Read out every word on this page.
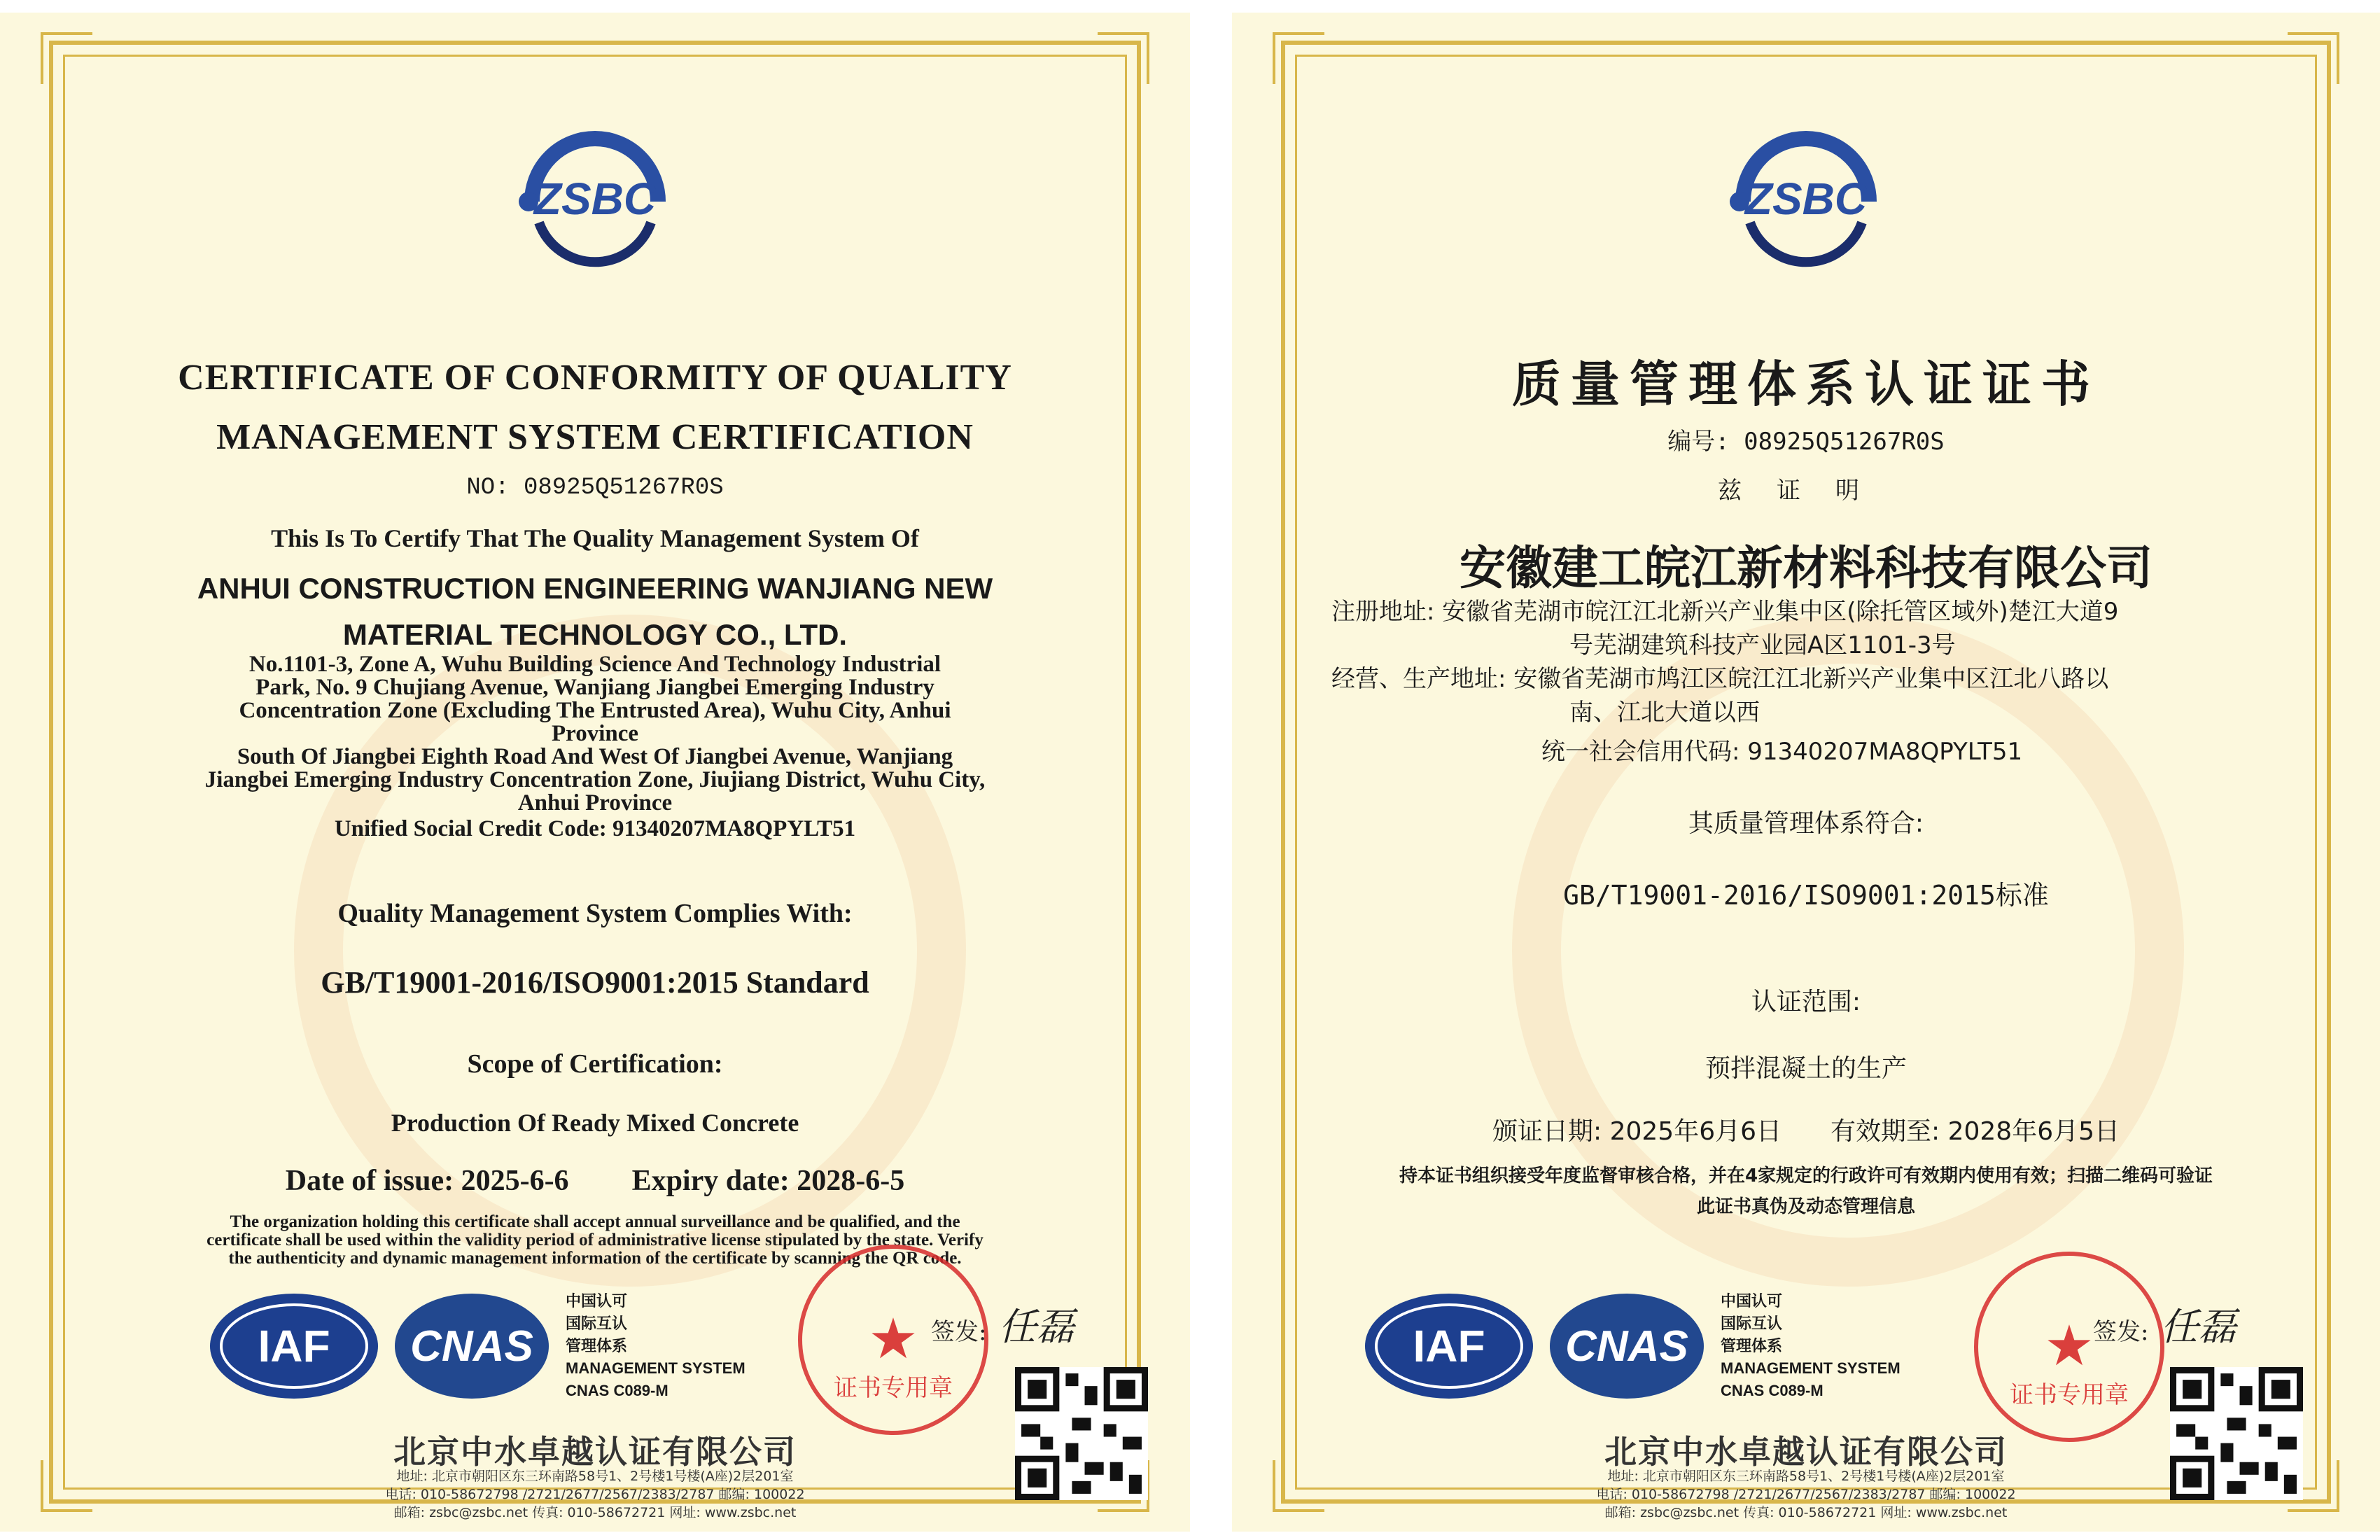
ZSBC
CERTIFICATE OF CONFORMITY OF QUALITY
MANAGEMENT SYSTEM CERTIFICATION
NO: 08925Q51267R0S
This Is To Certify That The Quality Management System Of
ANHUI CONSTRUCTION ENGINEERING WANJIANG NEW
MATERIAL TECHNOLOGY CO., LTD.
No.1101-3, Zone A, Wuhu Building Science And Technology Industrial
Park, No. 9 Chujiang Avenue, Wanjiang Jiangbei Emerging Industry
Concentration Zone (Excluding The Entrusted Area), Wuhu City, Anhui
Province
South Of Jiangbei Eighth Road And West Of Jiangbei Avenue, Wanjiang
Jiangbei Emerging Industry Concentration Zone, Jiujiang District, Wuhu City,
Anhui Province
Unified Social Credit Code: 91340207MA8QPYLT51
Quality Management System Complies With:
GB/T19001-2016/ISO9001:2015 Standard
Scope of Certification:
Production Of Ready Mixed Concrete
Date of issue: 2025-6-6 Expiry date: 2028-6-5
The organization holding this certificate shall accept annual surveillance and be qualified, and the
certificate shall be used within the validity period of administrative license stipulated by the state. Verify
the authenticity and dynamic management information of the certificate by scanning the QR code.
IAF	CNAS
中国认可
国际互认
管理体系
MANAGEMENT SYSTEM
CNAS C089-M
★
证书专用章
签发: 任磊
北京中水卓越认证有限公司
地址: 北京市朝阳区东三环南路58号1、2号楼1号楼(A座)2层201室
电话: 010-58672798 /2721/2677/2567/2383/2787 邮编: 100022
邮箱: zsbc@zsbc.net 传真: 010-58672721 网址: www.zsbc.net
ZSBC
质量管理体系认证证书
编号: 08925Q51267R0S
兹证明
安徽建工皖江新材料科技有限公司
注册地址: 安徽省芜湖市皖江江北新兴产业集中区(除托管区域外)楚江大道9
号芜湖建筑科技产业园A区1101-3号
经营、生产地址: 安徽省芜湖市鸠江区皖江江北新兴产业集中区江北八路以
南、江北大道以西
统一社会信用代码: 91340207MA8QPYLT51
其质量管理体系符合:
GB/T19001-2016/ISO9001:2015标准
认证范围:
预拌混凝土的生产
颁证日期: 2025年6月6日 有效期至: 2028年6月5日
持本证书组织接受年度监督审核合格，并在4家规定的行政许可有效期内使用有效；扫描二维码可验证
此证书真伪及动态管理信息
IAF	CNAS
中国认可
国际互认
管理体系
MANAGEMENT SYSTEM
CNAS C089-M
★
证书专用章
签发: 任磊
北京中水卓越认证有限公司
地址: 北京市朝阳区东三环南路58号1、2号楼1号楼(A座)2层201室
电话: 010-58672798 /2721/2677/2567/2383/2787 邮编: 100022
邮箱: zsbc@zsbc.net 传真: 010-58672721 网址: www.zsbc.net
